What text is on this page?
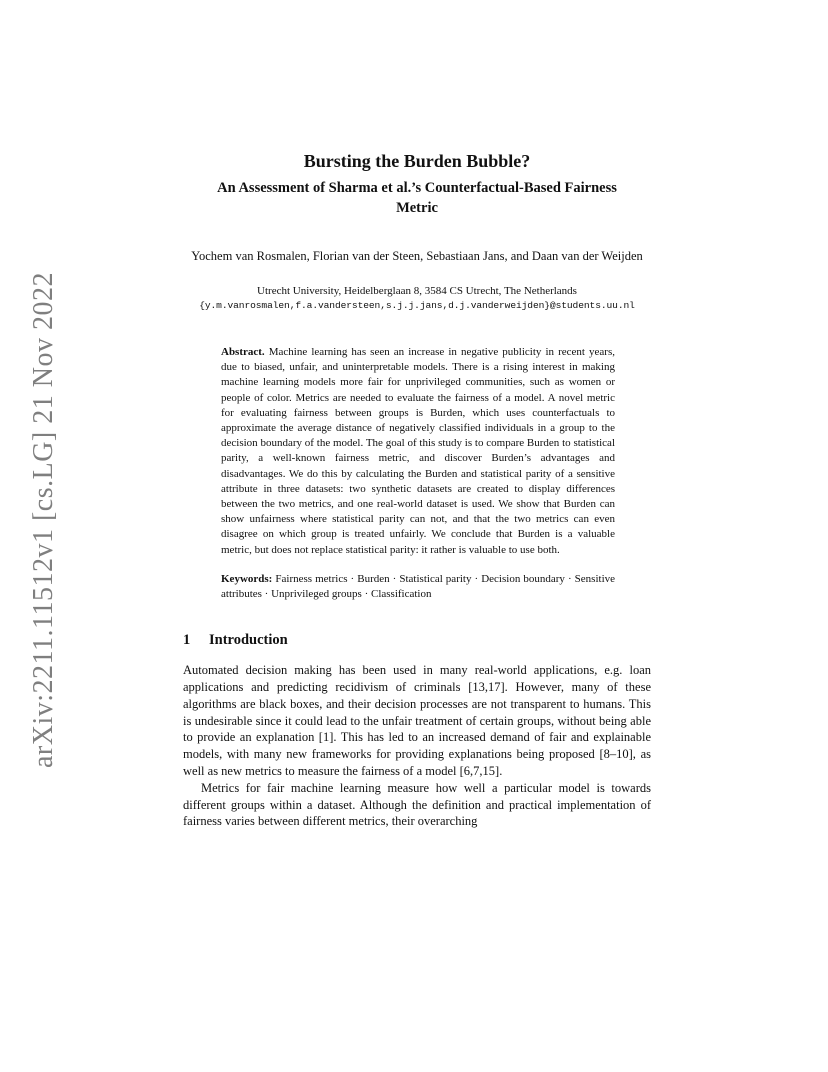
arXiv:2211.11512v1 [cs.LG] 21 Nov 2022
Bursting the Burden Bubble?
An Assessment of Sharma et al.’s Counterfactual-Based Fairness Metric

Yochem van Rosmalen, Florian van der Steen, Sebastiaan Jans, and Daan van der Weijden

Utrecht University, Heidelberglaan 8, 3584 CS Utrecht, The Netherlands

{y.m.vanrosmalen,f.a.vandersteen,s.j.j.jans,d.j.vanderweijden}@students.uu.nl

Abstract. Machine learning has seen an increase in negative publicity in recent years, due to biased, unfair, and uninterpretable models. There is a rising interest in making machine learning models more fair for unprivileged communities, such as women or people of color. Metrics are needed to evaluate the fairness of a model. A novel metric for evaluating fairness between groups is Burden, which uses counterfactuals to approximate the average distance of negatively classified individuals in a group to the decision boundary of the model. The goal of this study is to compare Burden to statistical parity, a well-known fairness metric, and discover Burden’s advantages and disadvantages. We do this by calculating the Burden and statistical parity of a sensitive attribute in three datasets: two synthetic datasets are created to display differences between the two metrics, and one real-world dataset is used. We show that Burden can show unfairness where statistical parity can not, and that the two metrics can even disagree on which group is treated unfairly. We conclude that Burden is a valuable metric, but does not replace statistical parity: it rather is valuable to use both.
Keywords: Fairness metrics · Burden · Statistical parity · Decision boundary · Sensitive attributes · Unprivileged groups · Classification
1 Introduction

Automated decision making has been used in many real-world applications, e.g. loan applications and predicting recidivism of criminals [13,17]. However, many of these algorithms are black boxes, and their decision processes are not transparent to humans. This is undesirable since it could lead to the unfair treatment of certain groups, without being able to provide an explanation [1]. This has led to an increased demand of fair and explainable models, with many new frameworks for providing explanations being proposed [8–10], as well as new metrics to measure the fairness of a model [6,7,15].

Metrics for fair machine learning measure how well a particular model is towards different groups within a dataset. Although the definition and practical implementation of fairness varies between different metrics, their overarching
